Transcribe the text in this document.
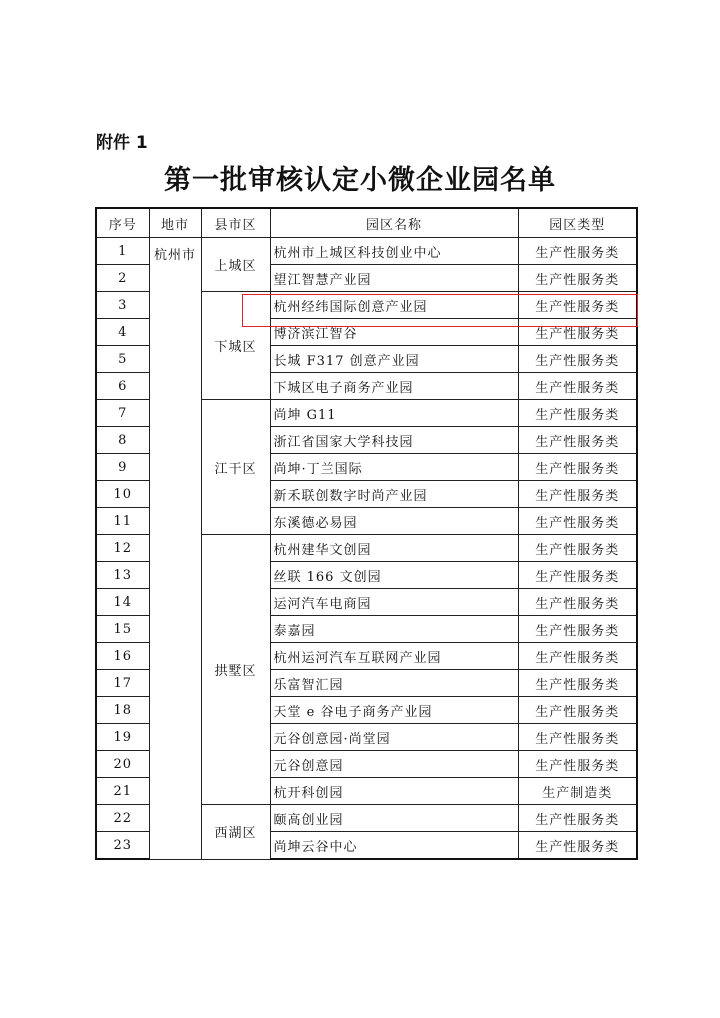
附件 1
第一批审核认定小微企业园名单
序号	地市	县市区	园区名称	园区类型
1	杭州市	上城区	杭州市上城区科技创业中心	生产性服务类
2			望江智慧产业园	生产性服务类
3		下城区	杭州经纬国际创意产业园	生产性服务类
4			博济滨江智谷	生产性服务类
5			长城 F317 创意产业园	生产性服务类
6			下城区电子商务产业园	生产性服务类
7		江干区	尚坤 G11	生产性服务类
8			浙江省国家大学科技园	生产性服务类
9			尚坤·丁兰国际	生产性服务类
10			新禾联创数字时尚产业园	生产性服务类
11			东溪德必易园	生产性服务类
12		拱墅区	杭州建华文创园	生产性服务类
13			丝联 166 文创园	生产性服务类
14			运河汽车电商园	生产性服务类
15			泰嘉园	生产性服务类
16			杭州运河汽车互联网产业园	生产性服务类
17			乐富智汇园	生产性服务类
18			天堂 e 谷电子商务产业园	生产性服务类
19			元谷创意园·尚堂园	生产性服务类
20			元谷创意园	生产性服务类
21			杭开科创园	生产制造类
22		西湖区	颐高创业园	生产性服务类
23			尚坤云谷中心	生产性服务类
